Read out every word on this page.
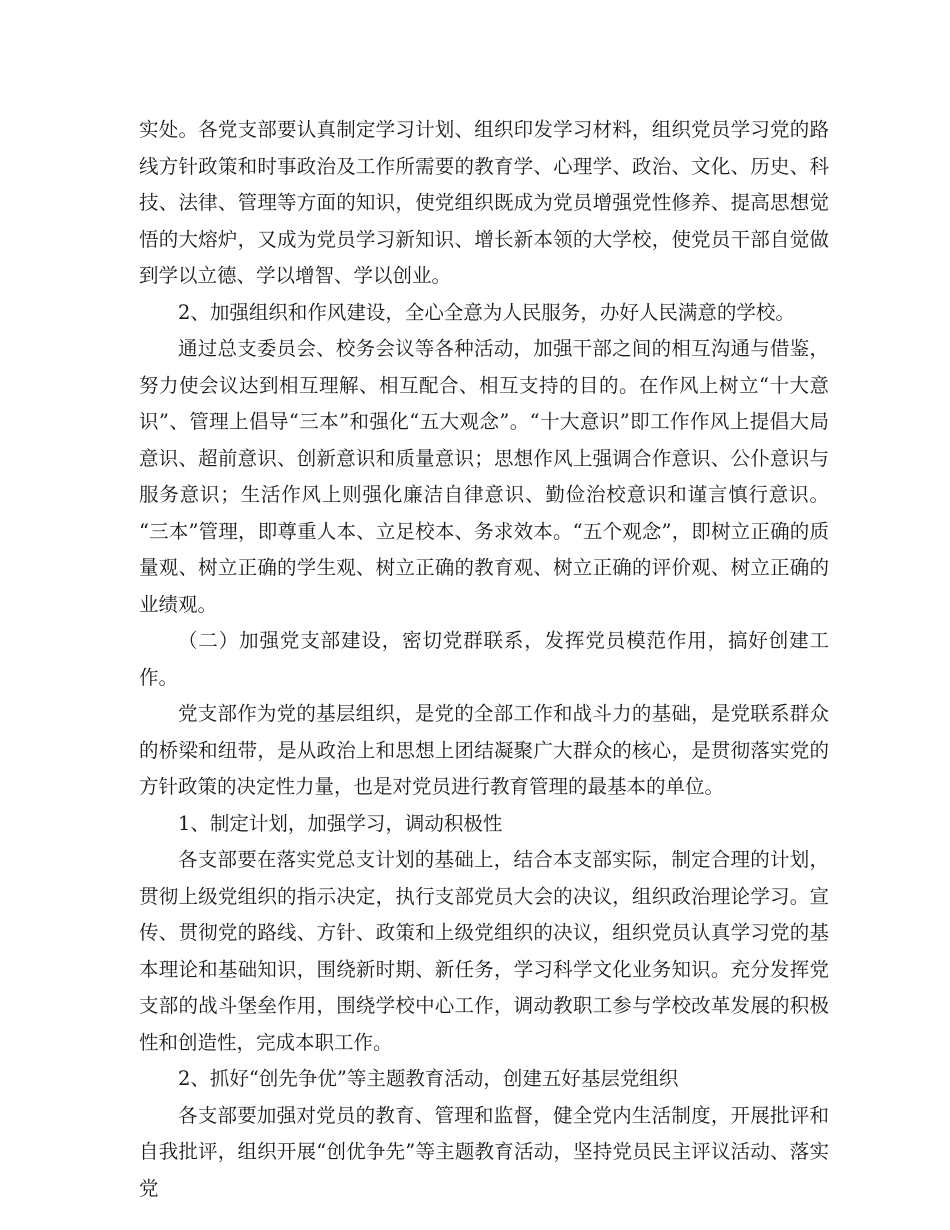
实处。各党支部要认真制定学习计划、组织印发学习材料，组织党员学习党的路线方针政策和时事政治及工作所需要的教育学、心理学、政治、文化、历史、科技、法律、管理等方面的知识，使党组织既成为党员增强党性修养、提高思想觉悟的大熔炉，又成为党员学习新知识、增长新本领的大学校，使党员干部自觉做到学以立德、学以增智、学以创业。

2、加强组织和作风建设，全心全意为人民服务，办好人民满意的学校。

通过总支委员会、校务会议等各种活动，加强干部之间的相互沟通与借鉴，努力使会议达到相互理解、相互配合、相互支持的目的。在作风上树立“十大意识”、管理上倡导“三本”和强化“五大观念”。“十大意识”即工作作风上提倡大局意识、超前意识、创新意识和质量意识；思想作风上强调合作意识、公仆意识与服务意识；生活作风上则强化廉洁自律意识、勤俭治校意识和谨言慎行意识。 “三本”管理，即尊重人本、立足校本、务求效本。“五个观念”，即树立正确的质量观、树立正确的学生观、树立正确的教育观、树立正确的评价观、树立正确的业绩观。

（二）加强党支部建设，密切党群联系，发挥党员模范作用，搞好创建工作。

党支部作为党的基层组织，是党的全部工作和战斗力的基础，是党联系群众的桥梁和纽带，是从政治上和思想上团结凝聚广大群众的核心，是贯彻落实党的方针政策的决定性力量，也是对党员进行教育管理的最基本的单位。

1、制定计划，加强学习，调动积极性

各支部要在落实党总支计划的基础上，结合本支部实际，制定合理的计划，贯彻上级党组织的指示决定，执行支部党员大会的决议，组织政治理论学习。宣传、贯彻党的路线、方针、政策和上级党组织的决议，组织党员认真学习党的基本理论和基础知识，围绕新时期、新任务，学习科学文化业务知识。充分发挥党支部的战斗堡垒作用，围绕学校中心工作，调动教职工参与学校改革发展的积极性和创造性，完成本职工作。

2、抓好“创先争优”等主题教育活动，创建五好基层党组织

各支部要加强对党员的教育、管理和监督，健全党内生活制度，开展批评和自我批评，组织开展“创优争先”等主题教育活动，坚持党员民主评议活动、落实党
